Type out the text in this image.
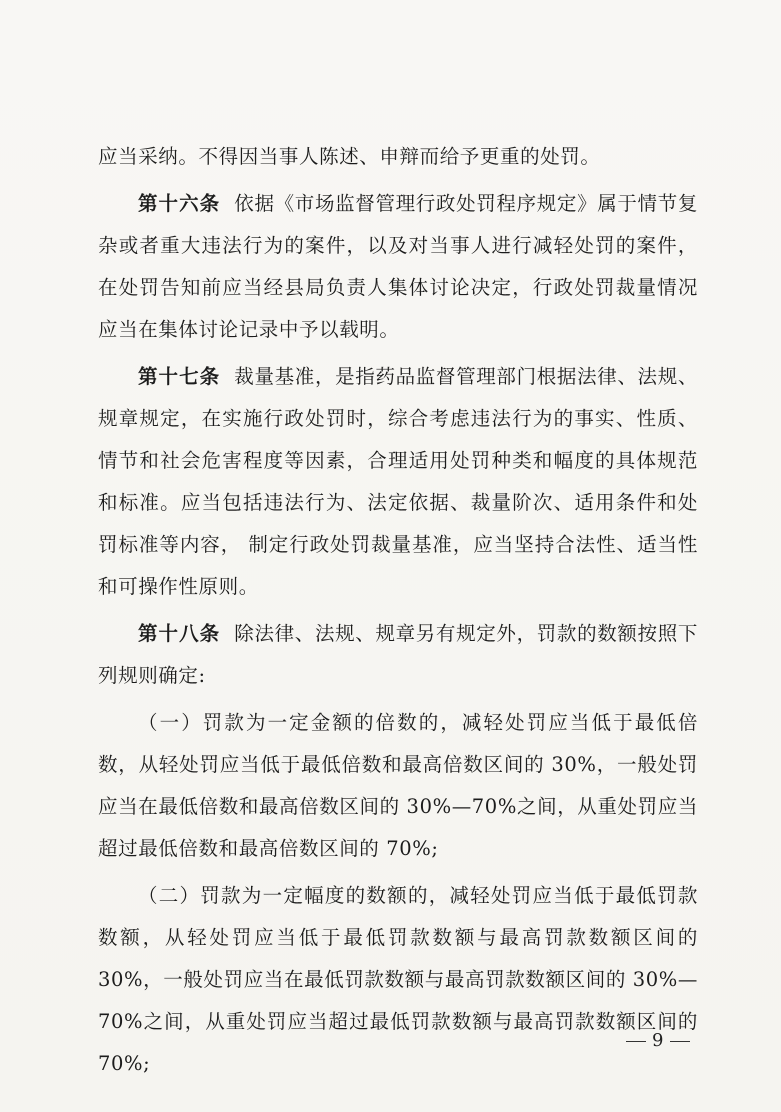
应当采纳。不得因当事人陈述、申辩而给予更重的处罚。

第十六条 依据《市场监督管理行政处罚程序规定》属于情节复杂或者重大违法行为的案件，以及对当事人进行减轻处罚的案件，在处罚告知前应当经县局负责人集体讨论决定，行政处罚裁量情况应当在集体讨论记录中予以载明。

第十七条 裁量基准，是指药品监督管理部门根据法律、法规、规章规定，在实施行政处罚时，综合考虑违法行为的事实、性质、情节和社会危害程度等因素，合理适用处罚种类和幅度的具体规范和标准。应当包括违法行为、法定依据、裁量阶次、适用条件和处罚标准等内容， 制定行政处罚裁量基准，应当坚持合法性、适当性和可操作性原则。

第十八条 除法律、法规、规章另有规定外，罚款的数额按照下列规则确定:

（一）罚款为一定金额的倍数的，减轻处罚应当低于最低倍数，从轻处罚应当低于最低倍数和最高倍数区间的 30%，一般处罚应当在最低倍数和最高倍数区间的 30%—70%之间，从重处罚应当超过最低倍数和最高倍数区间的 70%;

（二）罚款为一定幅度的数额的，减轻处罚应当低于最低罚款数额，从轻处罚应当低于最低罚款数额与最高罚款数额区间的 30%，一般处罚应当在最低罚款数额与最高罚款数额区间的 30%—70%之间，从重处罚应当超过最低罚款数额与最高罚款数额区间的 70%;

9
